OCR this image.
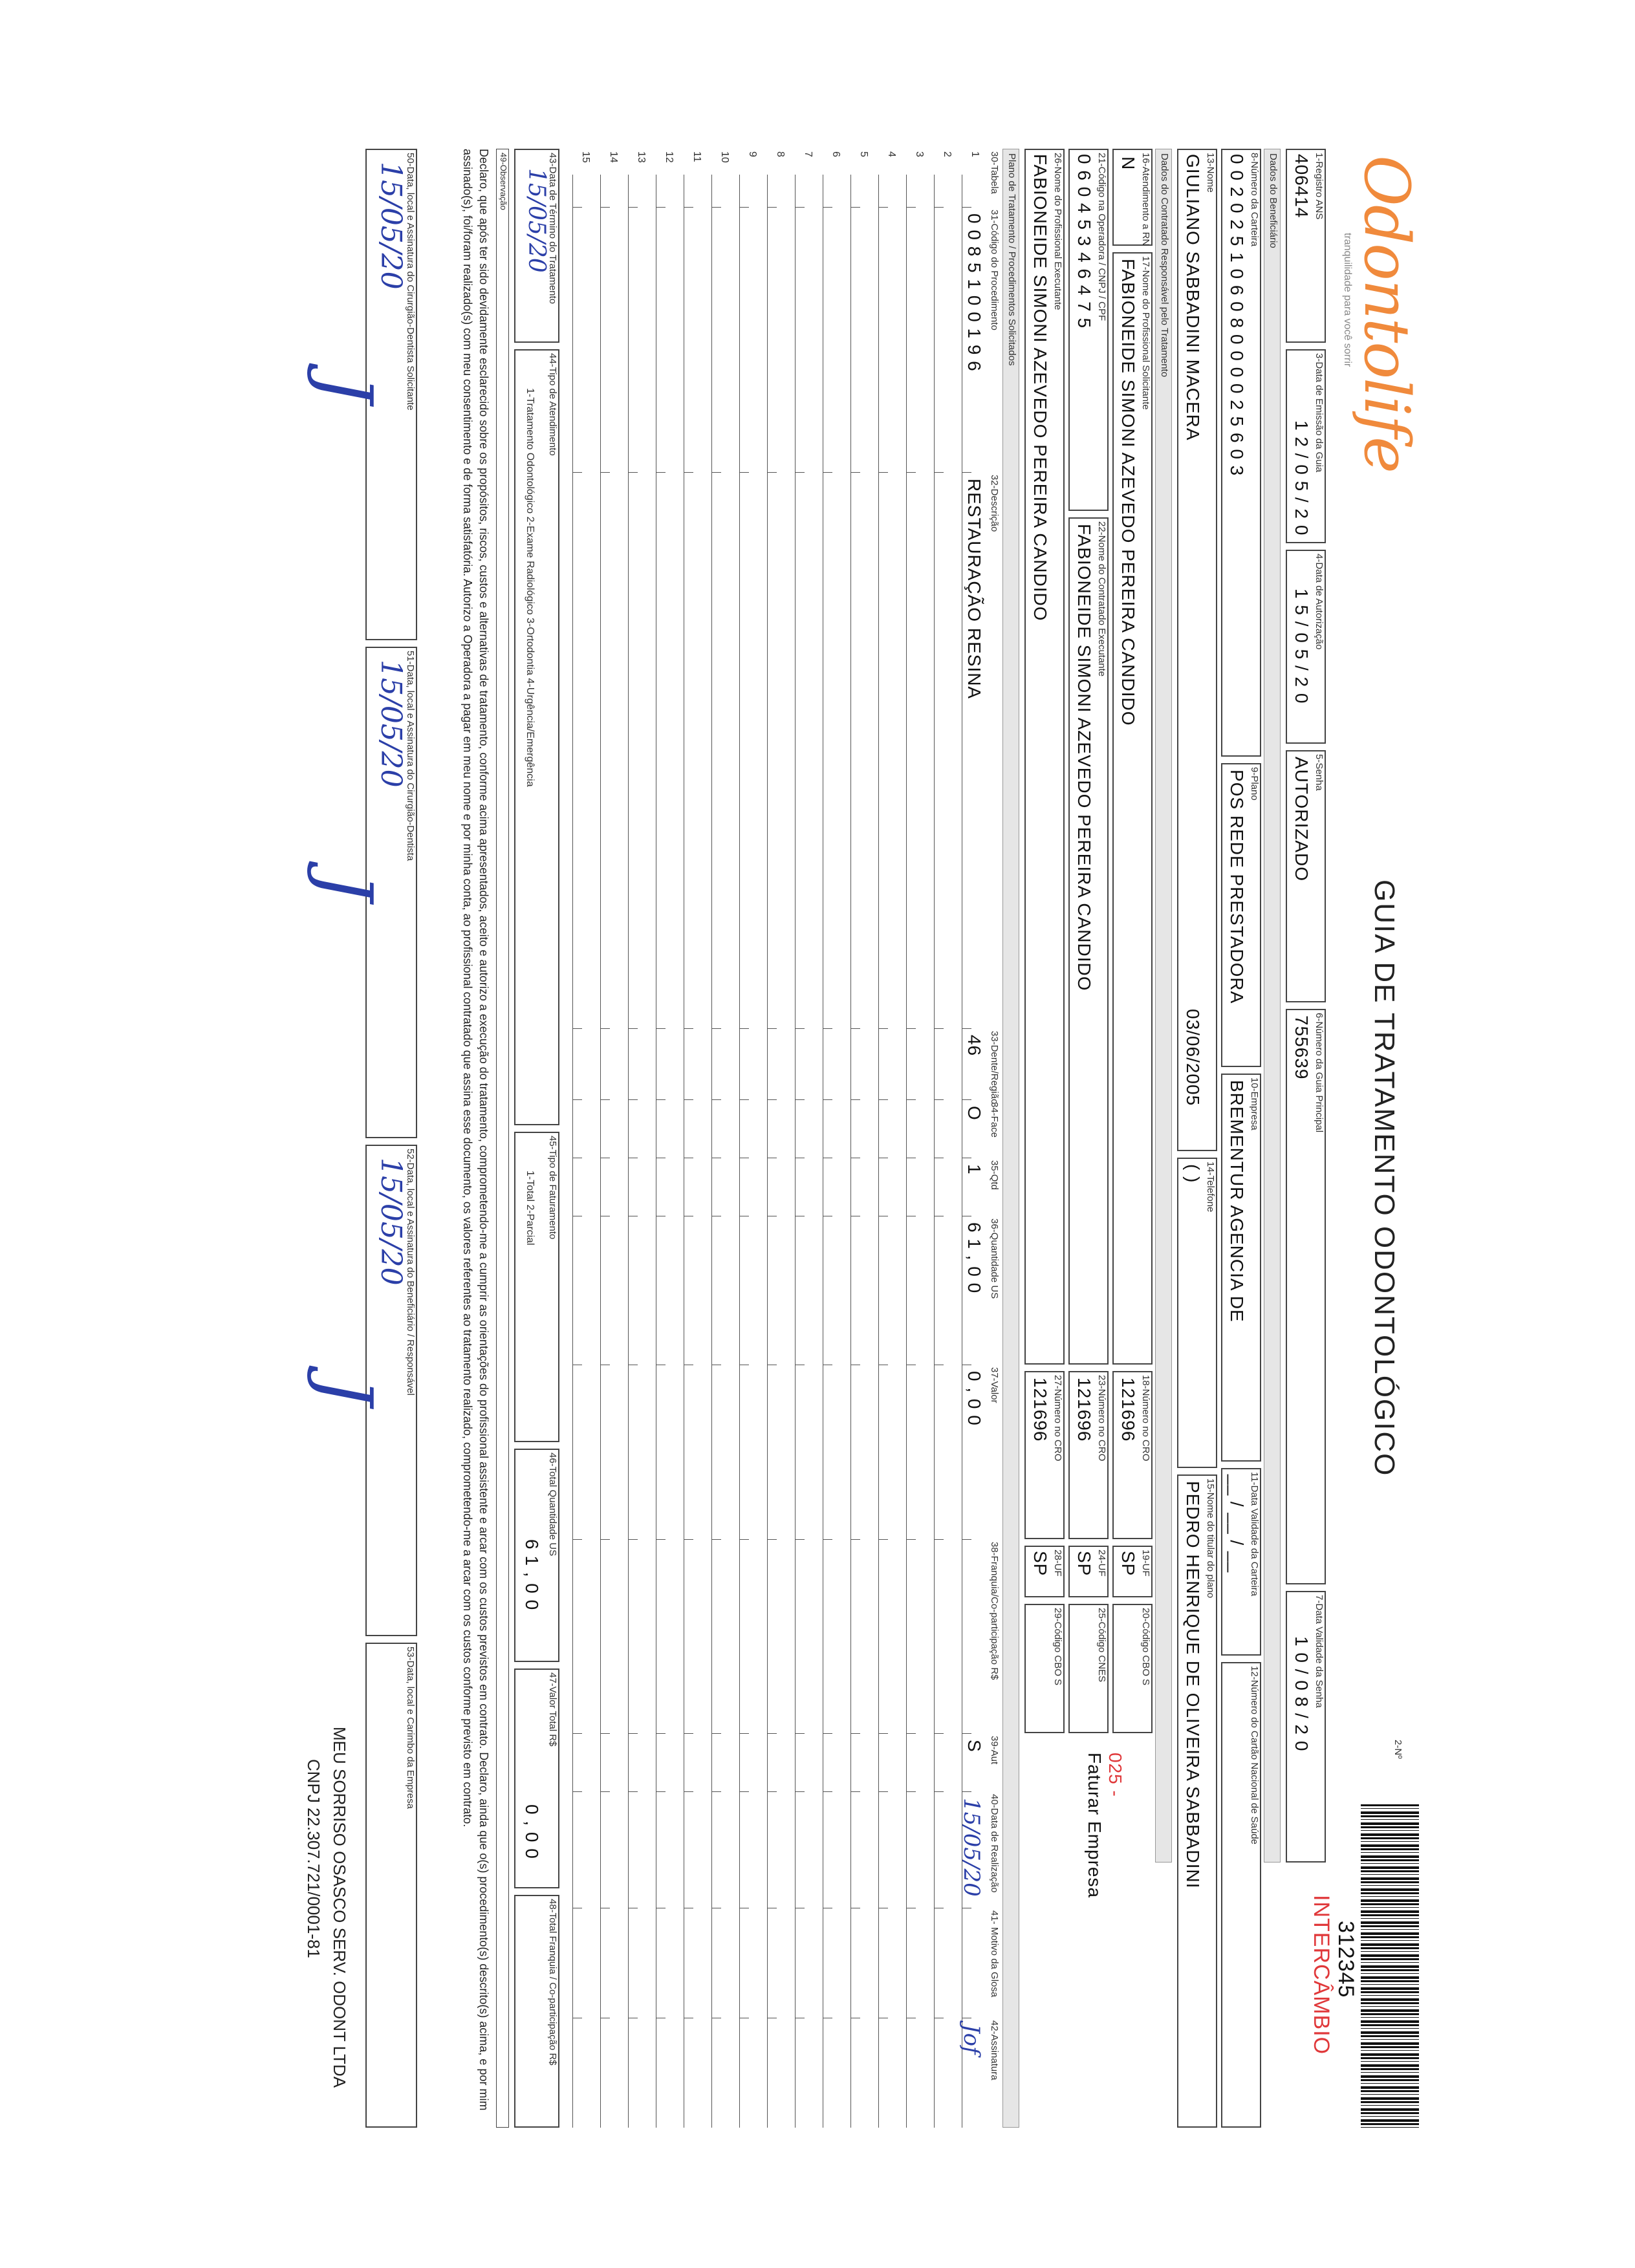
Odontolife
tranquilidade para você sorrir
GUIA DE TRATAMENTO ODONTOLÓGICO
2-Nº
312345
INTERCÂMBIO
1-Registro ANS
406414
3-Data de Emissão da Guia
1 2 / 0 5 / 2 0
4-Data de Autorização
1 5 / 0 5 / 2 0
5-Senha
AUTORIZADO
6-Número da Guia Principal
755639
7-Data Validade da Senha
1 0 / 0 8 / 2 0
Dados do Beneficiário
8-Número da Carteira
0 0 2 0 2 5 1 0 6 0 8 0 0 0 0 2 5 6 0 3
9-Plano
POS REDE PRESTADORA
10-Empresa
BREMENTUR AGENCIA DE
11-Data Validade da Carteira
__ / __ / __
12-Número do Cartão Nacional de Saúde
13-Nome
GIULIANO SABBADINI MACERA
03/06/2005
14-Telefone
( )
15-Nome do titular do plano
PEDRO HENRIQUE DE OLIVEIRA SABBADINI
Dados do Contratado Responsável pelo Tratamento
16-Atendimento a RN
N
17-Nome do Profissional Solicitante
FABIONEIDE SIMONI AZEVEDO PEREIRA CANDIDO
18-Número no CRO
121696
19-UF
SP
20-Código CBO S
21-Código na Operadora / CNPJ / CPF
0 6 0 4 5 3 4 6 4 7 5
22-Nome do Contratado Executante
FABIONEIDE SIMONI AZEVEDO PEREIRA CANDIDO
23-Número no CRO
121696
24-UF
SP
25-Código CNES
26-Nome do Profissional Executante
FABIONEIDE SIMONI AZEVEDO PEREIRA CANDIDO
27-Número no CRO
121696
28-UF
SP
29-Código CBO S
025 -
Faturar Empresa
Plano de Tratamento / Procedimentos Solicitados
30-Tabela
31-Código do Procedimento
32-Descrição
33-Dente/Região
34-Face
35-Qtd
36-Quantidade US
37-Valor
38-Franquia/Co-participação R$
39-Aut
40-Data de Realização
41- Motivo da Glosa
42-Assinatura
1
0 0 8 5 1 0 0 1 9 6
RESTAURAÇÃO RESINA
46
O
1
6 1 , 0 0
0 , 0 0
S
15/05/20
Jof
2
3
4
5
6
7
8
9
10
11
12
13
14
15
43-Data de Término do Tratamento
15/05/20
44-Tipo de Atendimento
1-Tratamento Odontológico 2-Exame Radiológico 3-Ortodontia 4-Urgência/Emergência
45-Tipo de Faturamento
1-Total 2-Parcial
46-Total Quantidade US
6 1 , 0 0
47-Valor Total R$
0 , 0 0
48-Total Franquia / Co-participação R$
49-Observação
Declaro, que após ter sido devidamente esclarecido sobre os propósitos, riscos, custos e alternativas de tratamento, conforme acima apresentados, aceito e autorizo a execução do tratamento, comprometendo-me a cumprir as orientações do profissional assistente e arcar com os custos previstos em contrato. Declaro, ainda que o(s) procedimento(s) descrito(s) acima, e por mim assinado(s), foi/foram realizado(s) com meu consentimento e de forma satisfatória. Autorizo a Operadora a pagar em meu nome e por minha conta, ao profissional contratado que assina esse documento, os valores referentes ao tratamento realizado, comprometendo-me a arcar com os custos conforme previsto em contrato.
50-Data, local e Assinatura do Cirurgião-Dentista Solicitante
15/05/20
51-Data, local e Assinatura do Cirurgião-Dentista
15/05/20
52-Data, local e Assinatura do Beneficiário / Responsável
15/05/20
53-Data, local e Carimbo da Empresa
J
J
J
MEU SORRISO OSASCO SERV. ODONT LTDA
CNPJ 22.307.721/0001-81
